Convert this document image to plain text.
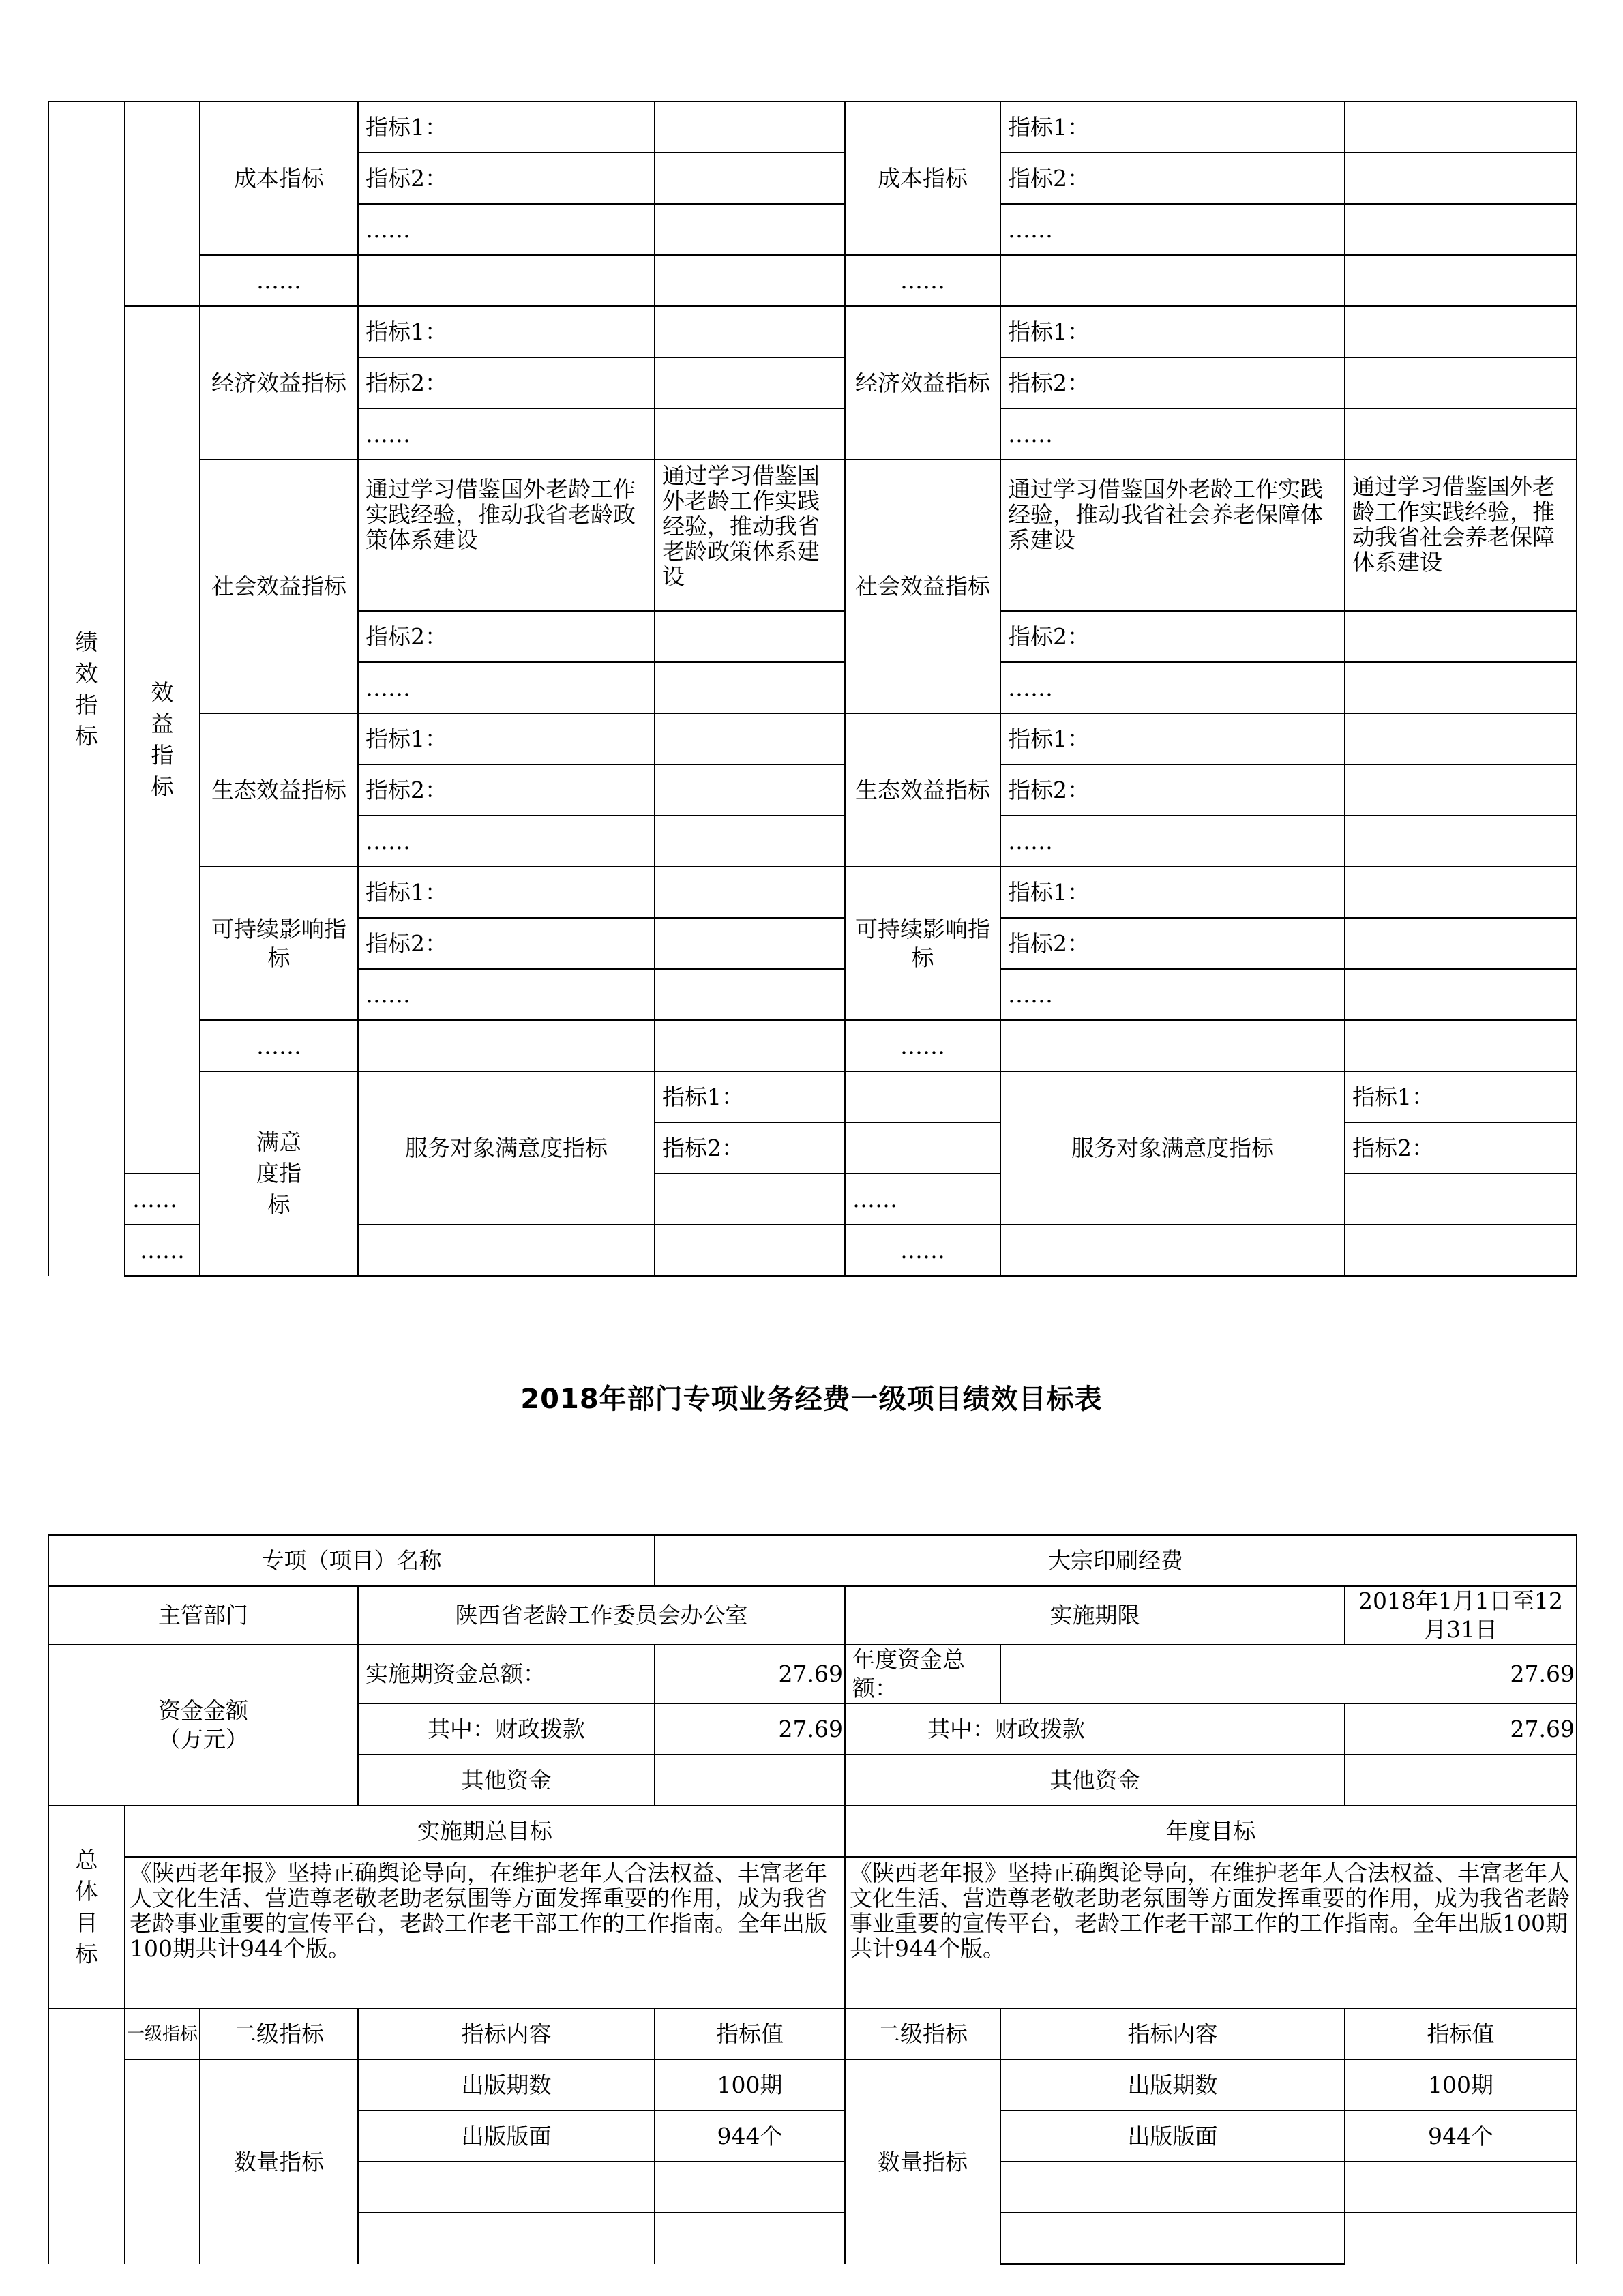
绩效指标		成本指标	指标1：		成本指标	指标1：		
			指标2：			指标2：		
			……			……		
		……			……			
	效益指标	经济效益指标	指标1：		经济效益指标	指标1：		
			指标2：			指标2：		
			……			……		
		社会效益指标	通过学习借鉴国外老龄工作实践经验，推动我省老龄政策体系建设	通过学习借鉴国外老龄工作实践经验，推动我省老龄政策体系建设	社会效益指标	通过学习借鉴国外老龄工作实践经验，推动我省社会养老保障体系建设	通过学习借鉴国外老龄工作实践经验，推动我省社会养老保障体系建设	
			指标2：			指标2：		
			……			……		
		生态效益指标	指标1：		生态效益指标	指标1：		
			指标2：			指标2：		
			……			……		
		可持续影响指标	指标1：		可持续影响指标	指标1：		
			指标2：			指标2：		
			……			……		
		……			……			
		满意度指标	服务对象满意度指标	指标1：		服务对象满意度指标	指标1：	
				指标2：			指标2：	
	……				……			
	……				……			
2018年部门专项业务经费一级项目绩效目标表
专项（项目）名称				大宗印刷经费			
主管部门			陕西省老龄工作委员会办公室		实施期限		2018年1月1日至12月31日
资金金额（万元）			实施期资金总额：	27.69	年度资金总额：	27.69	
			其中：财政拨款	27.69	其中：财政拨款		27.69
			其他资金		其他资金		
总体目标	实施期总目标				年度目标		
	《陕西老年报》坚持正确舆论导向，在维护老年人合法权益、丰富老年人文化生活、营造尊老敬老助老氛围等方面发挥重要的作用，成为我省老龄事业重要的宣传平台，老龄工作老干部工作的工作指南。全年出版100期共计944个版。				《陕西老年报》坚持正确舆论导向，在维护老年人合法权益、丰富老年人文化生活、营造尊老敬老助老氛围等方面发挥重要的作用，成为我省老龄事业重要的宣传平台，老龄工作老干部工作的工作指南。全年出版100期共计944个版。		
	一级指标	二级指标	指标内容	指标值	二级指标	指标内容	指标值
		数量指标	出版期数	100期	数量指标	出版期数	100期
			出版版面	944个		出版版面	944个
